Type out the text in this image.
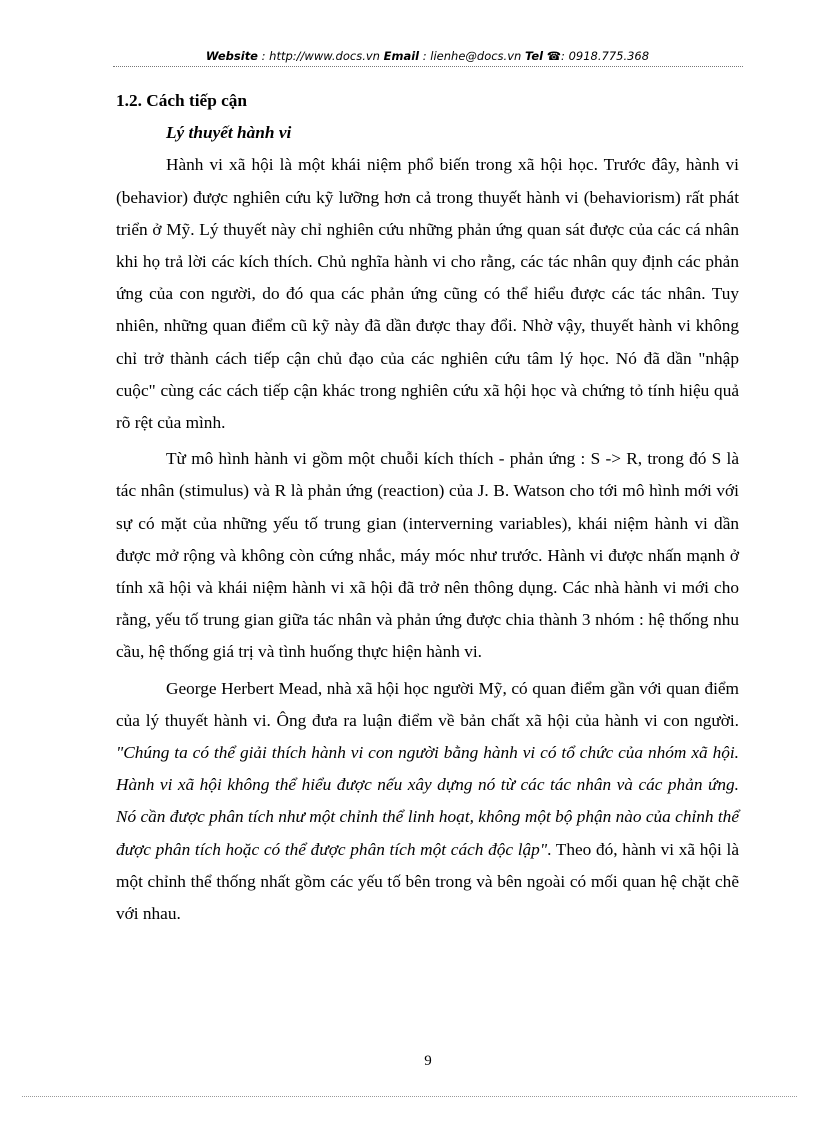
Website : http://www.docs.vn Email : lienhe@docs.vn Tel ☎: 0918.775.368

1.2. Cách tiếp cận

Lý thuyết hành vi

Hành vi xã hội là một khái niệm phổ biến trong xã hội học. Trước đây, hành vi (behavior) được nghiên cứu kỹ lưỡng hơn cả trong thuyết hành vi (behaviorism) rất phát triển ở Mỹ. Lý thuyết này chỉ nghiên cứu những phản ứng quan sát được của các cá nhân khi họ trả lời các kích thích. Chủ nghĩa hành vi cho rằng, các tác nhân quy định các phản ứng của con người, do đó qua các phản ứng cũng có thể hiểu được các tác nhân. Tuy nhiên, những quan điểm cũ kỹ này đã dần được thay đổi. Nhờ vậy, thuyết hành vi không chỉ trở thành cách tiếp cận chủ đạo của các nghiên cứu tâm lý học. Nó đã dần "nhập cuộc" cùng các cách tiếp cận khác trong nghiên cứu xã hội học và chứng tỏ tính hiệu quả rõ rệt của mình.

Từ mô hình hành vi gồm một chuỗi kích thích - phản ứng : S -> R, trong đó S là tác nhân (stimulus) và R là phản ứng (reaction) của J. B. Watson cho tới mô hình mới với sự có mặt của những yếu tố trung gian (interverning variables), khái niệm hành vi dần được mở rộng và không còn cứng nhắc, máy móc như trước. Hành vi được nhấn mạnh ở tính xã hội và khái niệm hành vi xã hội đã trở nên thông dụng. Các nhà hành vi mới cho rằng, yếu tố trung gian giữa tác nhân và phản ứng được chia thành 3 nhóm : hệ thống nhu cầu, hệ thống giá trị và tình huống thực hiện hành vi.

George Herbert Mead, nhà xã hội học người Mỹ, có quan điểm gần với quan điểm của lý thuyết hành vi. Ông đưa ra luận điểm về bản chất xã hội của hành vi con người. "Chúng ta có thể giải thích hành vi con người bằng hành vi có tổ chức của nhóm xã hội. Hành vi xã hội không thể hiểu được nếu xây dựng nó từ các tác nhân và các phản ứng. Nó cần được phân tích như một chỉnh thể linh hoạt, không một bộ phận nào của chỉnh thể được phân tích hoặc có thể được phân tích một cách độc lập". Theo đó, hành vi xã hội là một chỉnh thể thống nhất gồm các yếu tố bên trong và bên ngoài có mối quan hệ chặt chẽ với nhau.

9
